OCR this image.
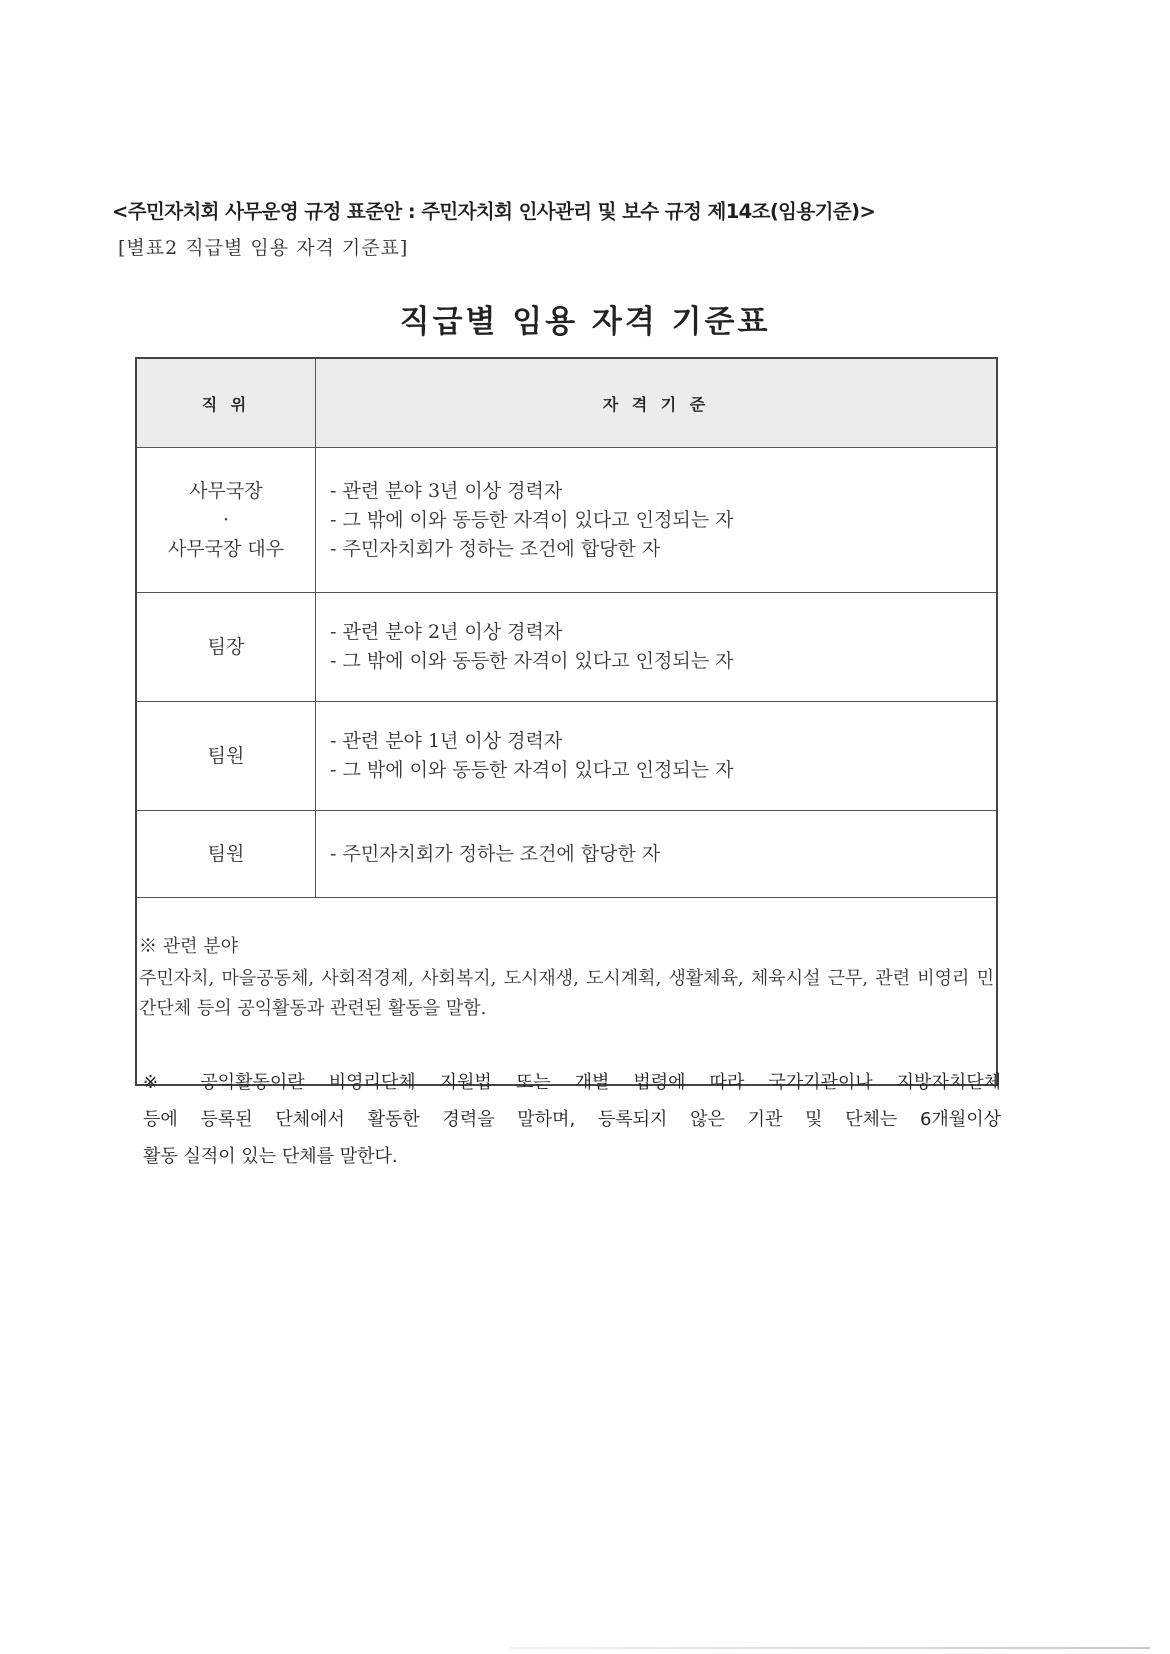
<주민자치회 사무운영 규정 표준안 : 주민자치회 인사관리 및 보수 규정 제14조(임용기준)>
[별표2 직급별 임용 자격 기준표]
직급별 임용 자격 기준표
직 위	자 격 기 준

사무국장
·
사무국장 대우	- 관련 분야 3년 이상 경력자
- 그 밖에 이와 동등한 자격이 있다고 인정되는 자
- 주민자치회가 정하는 조건에 합당한 자

팀장	- 관련 분야 2년 이상 경력자
- 그 밖에 이와 동등한 자격이 있다고 인정되는 자

팀원	- 관련 분야 1년 이상 경력자
- 그 밖에 이와 동등한 자격이 있다고 인정되는 자

팀원	- 주민자치회가 정하는 조건에 합당한 자

※ 관련 분야
주민자치, 마을공동체, 사회적경제, 사회복지, 도시재생, 도시계획, 생활체육, 체육시설 근무, 관련 비영리 민간단체 등의 공익활동과 관련된 활동을 말함.	
※ 공익활동이란 비영리단체 지원법 또는 개별 법령에 따라 국가기관이나 지방자치단체
등에 등록된 단체에서 활동한 경력을 말하며, 등록되지 않은 기관 및 단체는 6개월이상
활동 실적이 있는 단체를 말한다.
